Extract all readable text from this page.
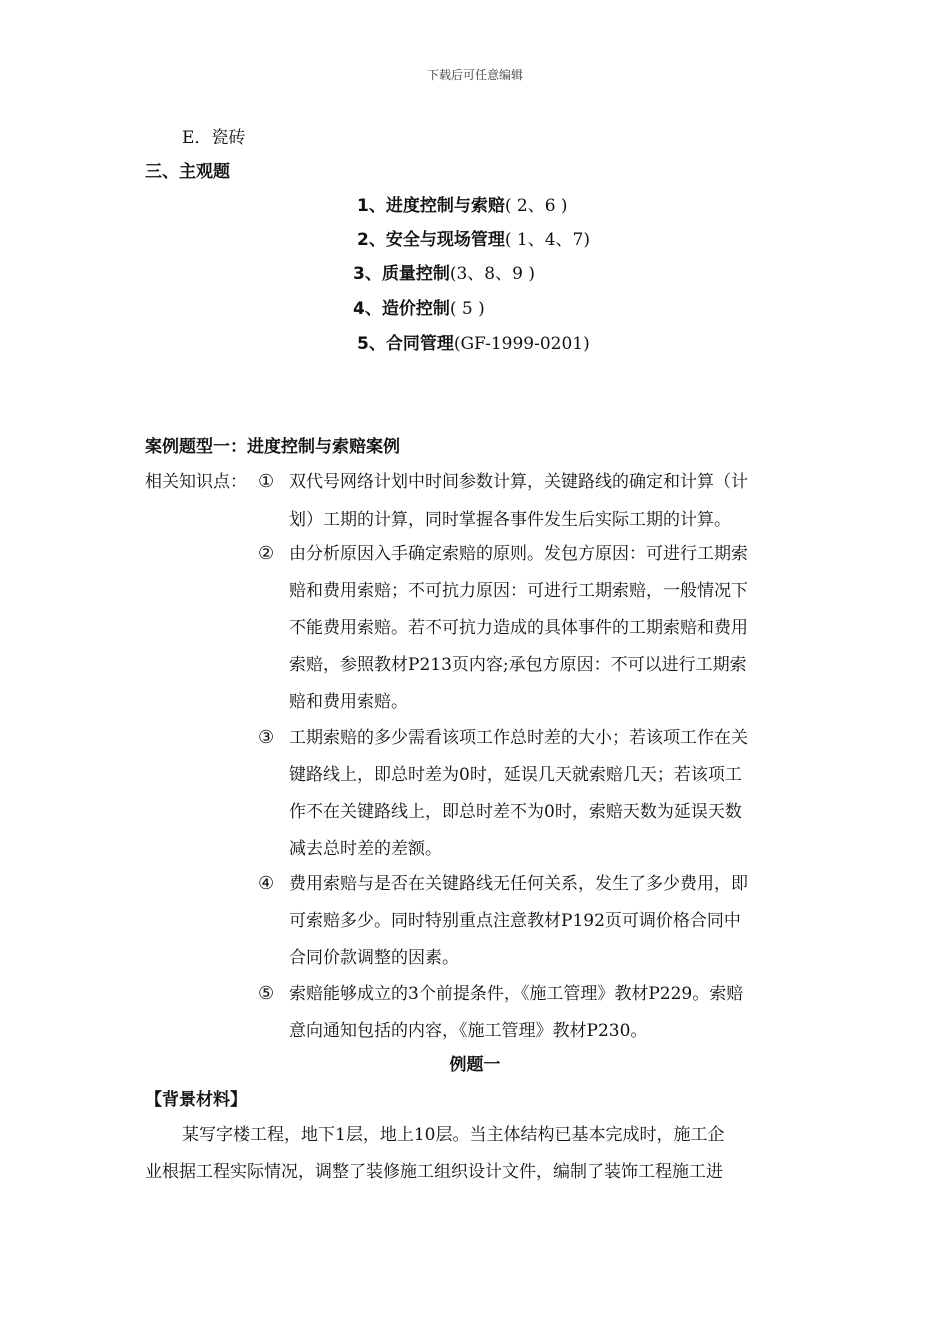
下载后可任意编辑
E．瓷砖
三、主观题
1、进度控制与索赔( 2、6 )
2、安全与现场管理( 1、4、7)
3、质量控制(3、8、9 )
4、造价控制( 5 )
5、合同管理(GF-1999-0201)
案例题型一：进度控制与索赔案例
相关知识点： ① 双代号网络计划中时间参数计算，关键路线的确定和计算（计
划）工期的计算，同时掌握各事件发生后实际工期的计算。
② 由分析原因入手确定索赔的原则。发包方原因：可进行工期索
赔和费用索赔；不可抗力原因：可进行工期索赔，一般情况下
不能费用索赔。若不可抗力造成的具体事件的工期索赔和费用
索赔，参照教材P213页内容;承包方原因：不可以进行工期索
赔和费用索赔。
③ 工期索赔的多少需看该项工作总时差的大小；若该项工作在关
键路线上，即总时差为0时，延误几天就索赔几天；若该项工
作不在关键路线上，即总时差不为0时，索赔天数为延误天数
减去总时差的差额。
④ 费用索赔与是否在关键路线无任何关系，发生了多少费用，即
可索赔多少。同时特别重点注意教材P192页可调价格合同中
合同价款调整的因素。
⑤ 索赔能够成立的3个前提条件，《施工管理》教材P229。索赔
意向通知包括的内容，《施工管理》教材P230。
例题一
【背景材料】
某写字楼工程，地下1层，地上10层。当主体结构已基本完成时，施工企
业根据工程实际情况，调整了装修施工组织设计文件，编制了装饰工程施工进
